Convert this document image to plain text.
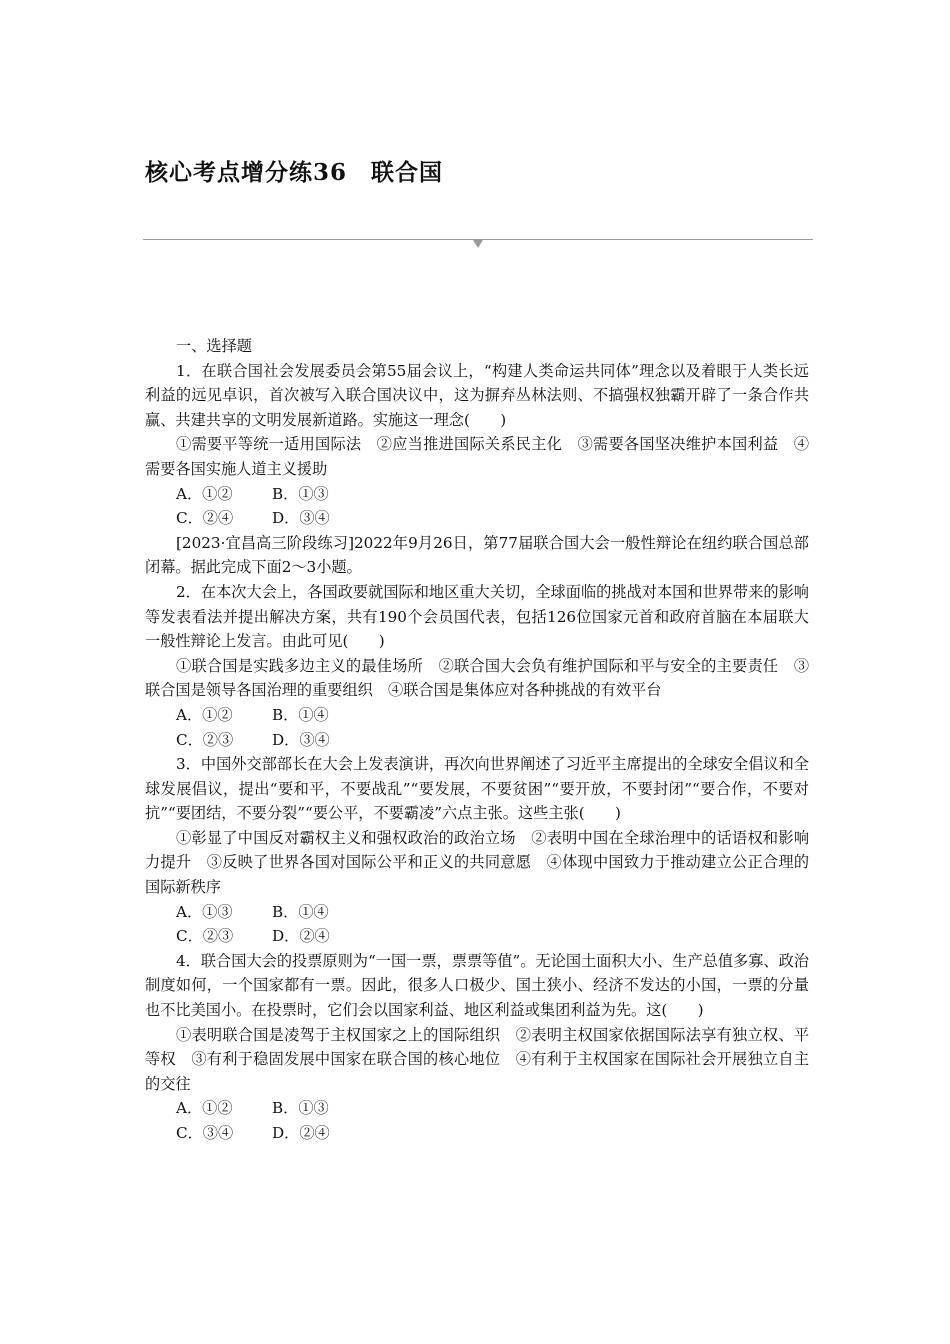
核心考点增分练36　联合国

一、选择题

1．在联合国社会发展委员会第55届会议上，“构建人类命运共同体”理念以及着眼于人类长远利益的远见卓识，首次被写入联合国决议中，这为摒弃丛林法则、不搞强权独霸开辟了一条合作共赢、共建共享的文明发展新道路。实施这一理念(　　)

①需要平等统一适用国际法　②应当推进国际关系民主化　③需要各国坚决维护本国利益　④需要各国实施人道主义援助

A．①②	B．①③

C．②④	D．③④

[2023·宜昌高三阶段练习]2022年9月26日，第77届联合国大会一般性辩论在纽约联合国总部闭幕。据此完成下面2～3小题。

2．在本次大会上，各国政要就国际和地区重大关切，全球面临的挑战对本国和世界带来的影响等发表看法并提出解决方案，共有190个会员国代表，包括126位国家元首和政府首脑在本届联大一般性辩论上发言。由此可见(　　)

①联合国是实践多边主义的最佳场所　②联合国大会负有维护国际和平与安全的主要责任　③联合国是领导各国治理的重要组织　④联合国是集体应对各种挑战的有效平台

A．①②	B．①④

C．②③	D．③④

3．中国外交部部长在大会上发表演讲，再次向世界阐述了习近平主席提出的全球安全倡议和全球发展倡议，提出“要和平，不要战乱”“要发展，不要贫困”“要开放，不要封闭”“要合作，不要对抗”“要团结，不要分裂”“要公平，不要霸凌”六点主张。这些主张(　　)

①彰显了中国反对霸权主义和强权政治的政治立场　②表明中国在全球治理中的话语权和影响力提升　③反映了世界各国对国际公平和正义的共同意愿　④体现中国致力于推动建立公正合理的国际新秩序

A．①③	B．①④

C．②③	D．②④

4．联合国大会的投票原则为“一国一票，票票等值”。无论国土面积大小、生产总值多寡、政治制度如何，一个国家都有一票。因此，很多人口极少、国土狭小、经济不发达的小国，一票的分量也不比美国小。在投票时，它们会以国家利益、地区利益或集团利益为先。这(　　)

①表明联合国是凌驾于主权国家之上的国际组织　②表明主权国家依据国际法享有独立权、平等权　③有利于稳固发展中国家在联合国的核心地位　④有利于主权国家在国际社会开展独立自主的交往

A．①②	B．①③

C．③④	D．②④
